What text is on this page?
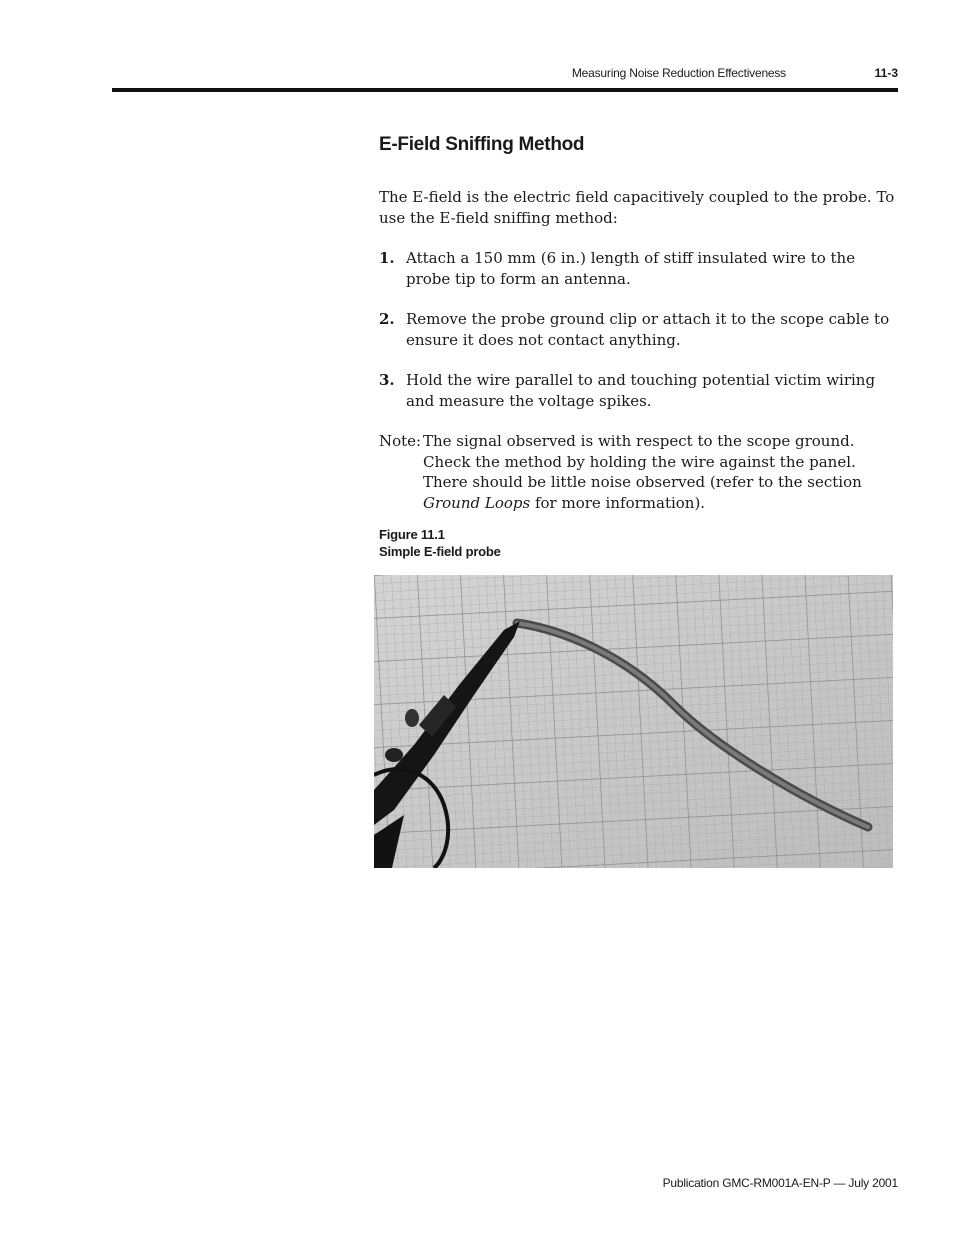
Measuring Noise Reduction Effectiveness	11-3
E-Field Sniffing Method

The E-field is the electric field capacitively coupled to the probe. To use the E-field sniffing method:

1. Attach a 150 mm (6 in.) length of stiff insulated wire to the probe tip to form an antenna.
2. Remove the probe ground clip or attach it to the scope cable to ensure it does not contact anything.
3. Hold the wire parallel to and touching potential victim wiring and measure the voltage spikes.
Note: The signal observed is with respect to the scope ground. Check the method by holding the wire against the panel. There should be little noise observed (refer to the section Ground Loops for more information).
Figure 11.1
Simple E-field probe
Publication GMC-RM001A-EN-P — July 2001
